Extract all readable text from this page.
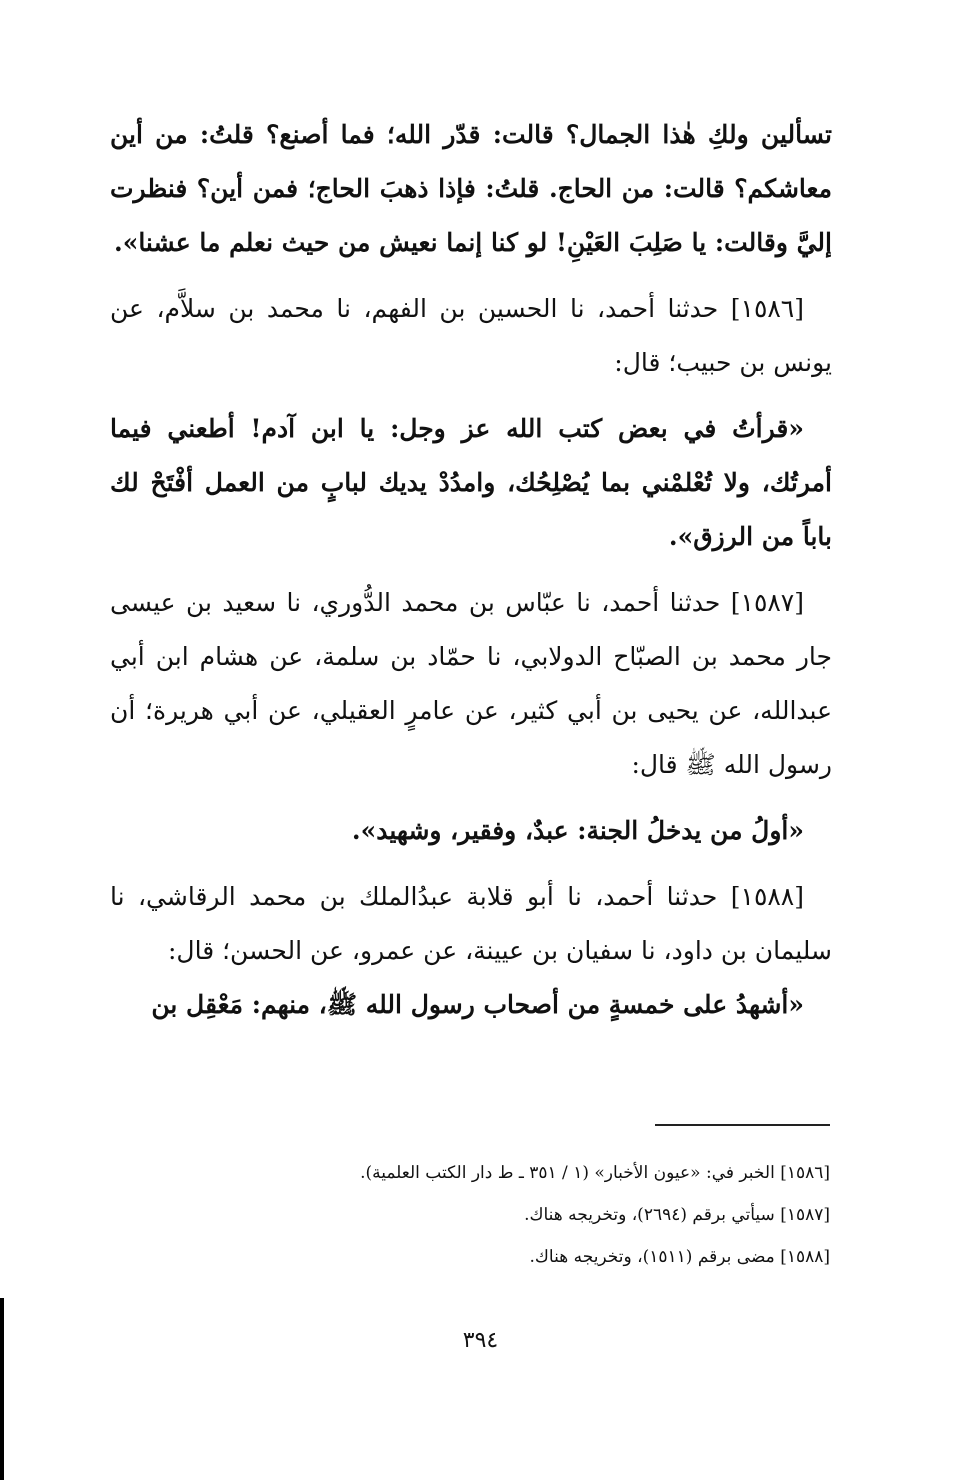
تسألين ولكِ هٰذا الجمال؟ قالت: قدّر الله؛ فما أصنع؟ قلتُ: من أين معاشكم؟ قالت: من الحاج. قلتُ: فإذا ذهبَ الحاج؛ فمن أين؟ فنظرت إليَّ وقالت: يا صَلِبَ العَيْنِ! لو كنا إنما نعيش من حيث نعلم ما عشنا».

[١٥٨٦] حدثنا أحمد، نا الحسين بن الفهم، نا محمد بن سلاَّم، عن يونس بن حبيب؛ قال:

«قرأتُ في بعض كتب الله عز وجل: يا ابن آدم! أطعني فيما أمرتُك، ولا تُعْلمْني بما يُصْلِحُك، وامدُدْ يديك لبابٍ من العمل أفْتَحْ لك باباً من الرزق».

[١٥٨٧] حدثنا أحمد، نا عبّاس بن محمد الدُّوري، نا سعيد بن عيسى جار محمد بن الصبّاح الدولابي، نا حمّاد بن سلمة، عن هشام ابن أبي عبدالله، عن يحيى بن أبي كثير، عن عامرٍ العقيلي، عن أبي هريرة؛ أن رسول الله ﷺ قال:

«أولُ من يدخلُ الجنة: عبدٌ، وفقير، وشهيد».

[١٥٨٨] حدثنا أحمد، نا أبو قلابة عبدُالملك بن محمد الرقاشي، نا سليمان بن داود، نا سفيان بن عيينة، عن عمرو، عن الحسن؛ قال:

«أشهدُ على خمسةٍ من أصحاب رسول الله ﷺ، منهم: مَعْقِل بن

[١٥٨٦] الخبر في: «عيون الأخبار» (١ / ٣٥١ ـ ط دار الكتب العلمية).

[١٥٨٧] سيأتي برقم (٢٦٩٤)، وتخريجه هناك.

[١٥٨٨] مضى برقم (١٥١١)، وتخريجه هناك.

٣٩٤
